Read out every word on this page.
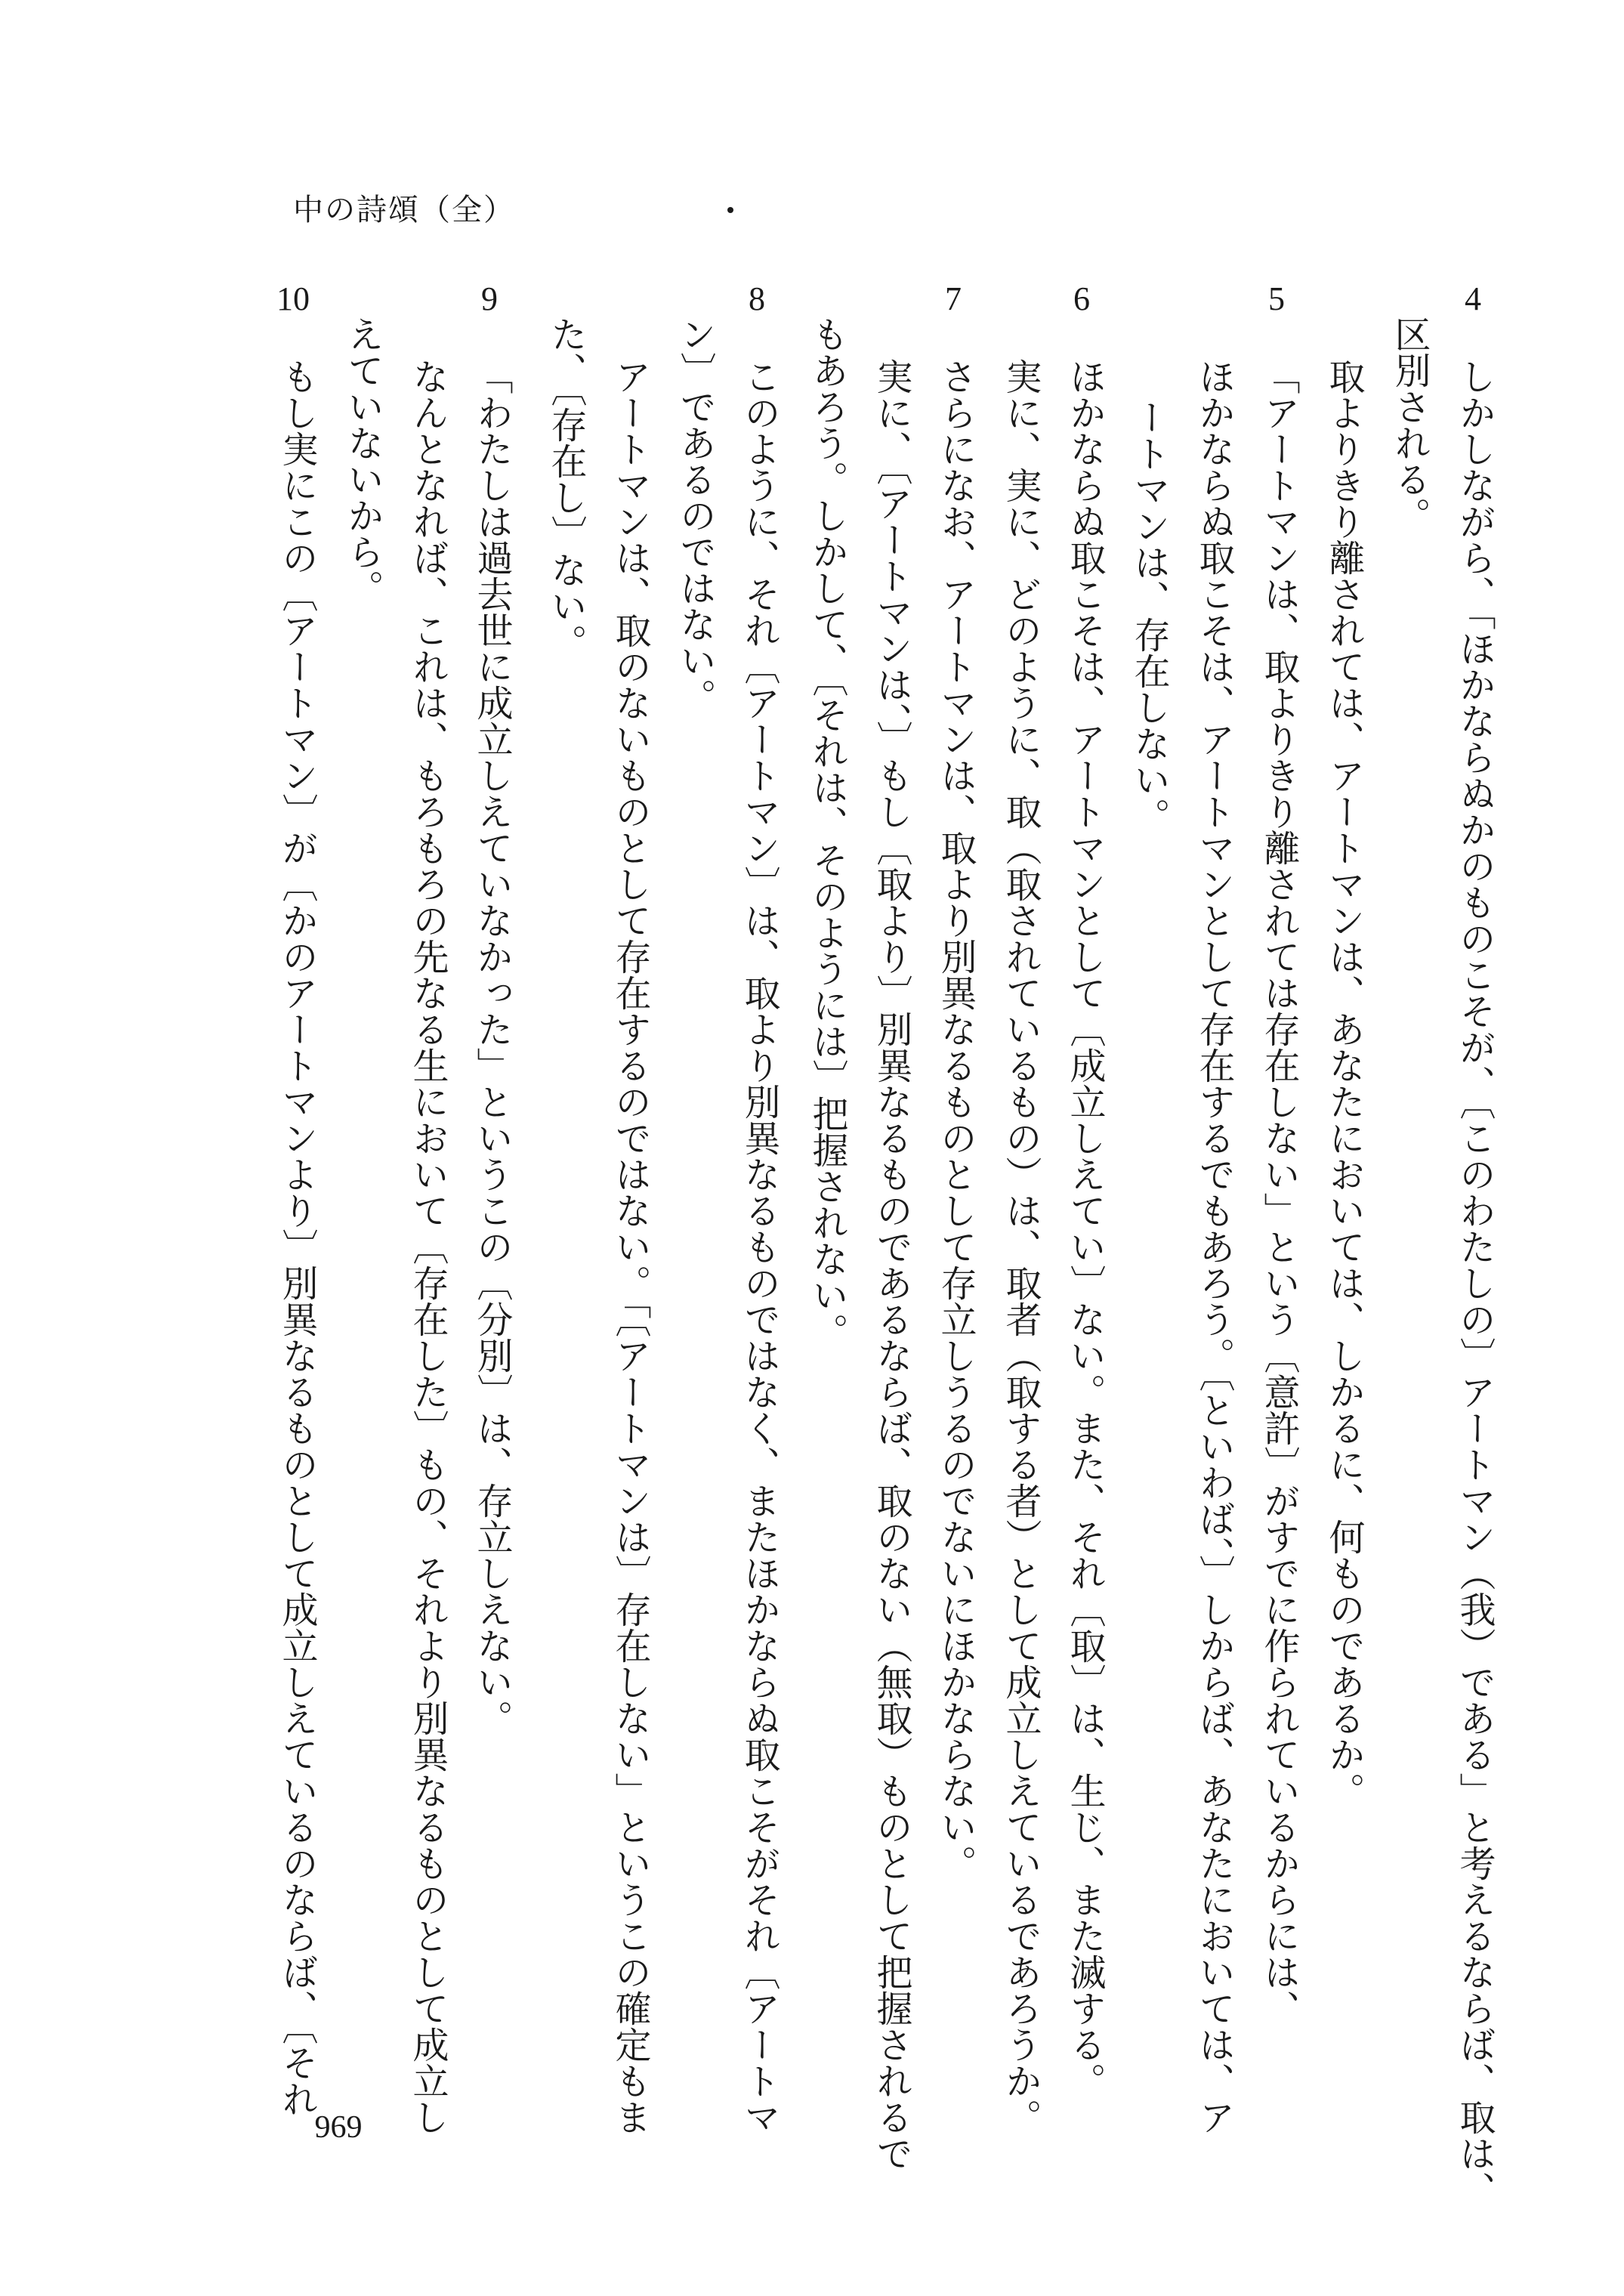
中の詩頌（全）
4
しかしながら、「ほかならぬかのものこそが、〔このわたしの〕アートマン（我）である」と考えるならば、取は、
区別される。
5
取よりきり離されては、アートマンは、あなたにおいては、しかるに、何ものであるか。
「アートマンは、取よりきり離されては存在しない」という〔意許〕がすでに作られているからには、
ほかならぬ取こそは、アートマンとして存在するでもあろう。〔といわば、〕しからば、あなたにおいては、ア
ートマンは、存在しない。
6
ほかならぬ取こそは、アートマンとして〔成立しえてい〕ない。また、それ〔取〕は、生じ、また滅する。
実に、実に、どのように、取（取されているもの）は、取者（取する者）として成立しえているであろうか。
7
さらになお、アートマンは、取より別異なるものとして存立しうるのでないにほかならない。
実に、〔アートマンは、〕もし〔取より〕別異なるものであるならば、取のない（無取）ものとして把握されるで
もあろう。しかして、〔それは、そのようには〕把握されない。
8
このように、それ〔アートマン〕は、取より別異なるものではなく、またほかならぬ取こそがそれ〔アートマ
ン〕であるのではない。
アートマンは、取のないものとして存在するのではない。「〔アートマンは〕存在しない」というこの確定もま
た、〔存在し〕ない。
9
「わたしは過去世に成立しえていなかった」というこの〔分別〕は、存立しえない。
なんとなれば、これは、もろもろの先なる生において〔存在した〕もの、それより別異なるものとして成立し
えていないから。
10
もし実にこの〔アートマン〕が〔かのアートマンより〕別異なるものとして成立しえているのならば、〔それ
969
